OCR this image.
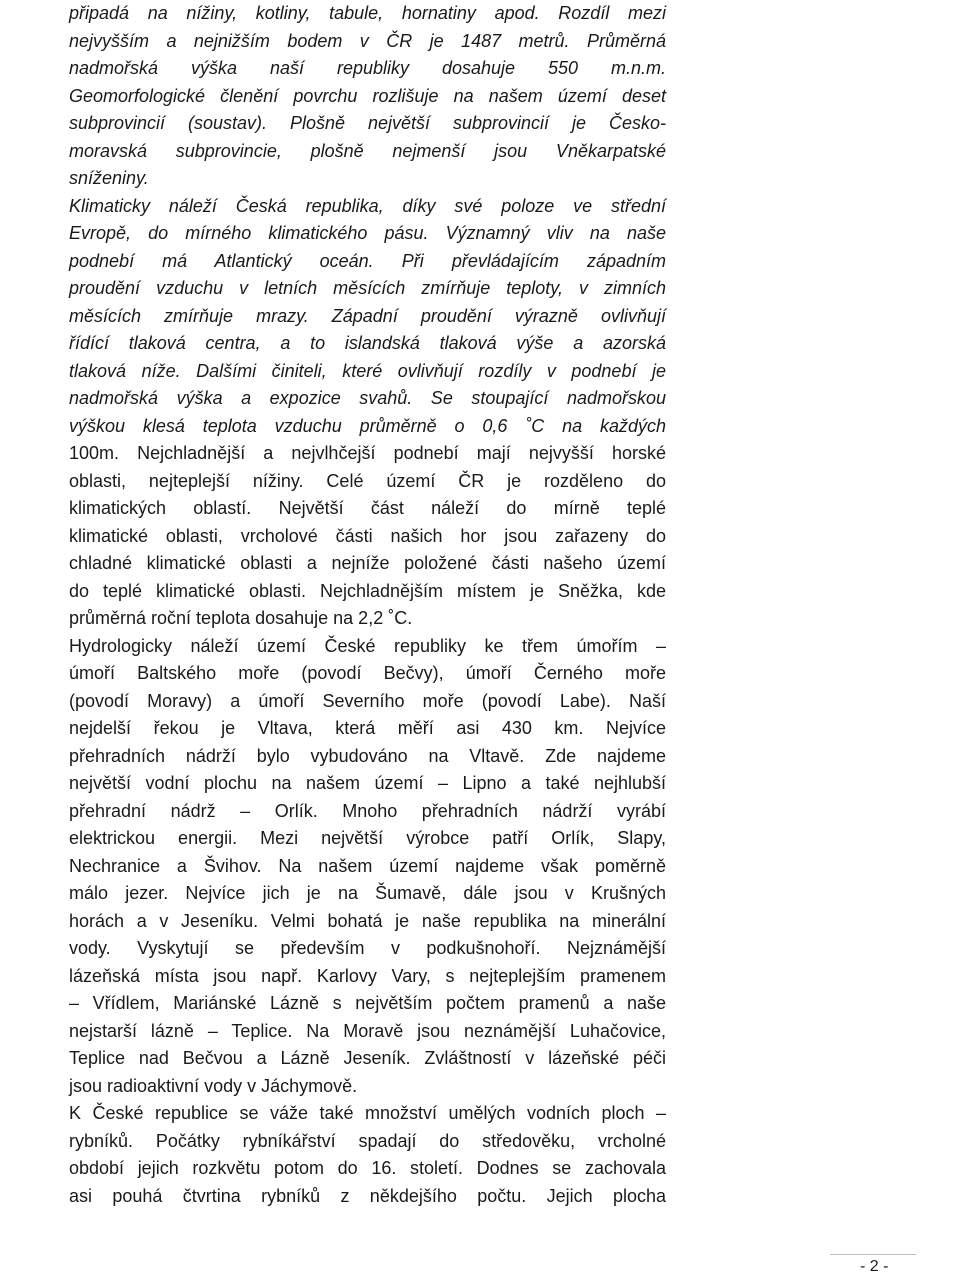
připadá na nížiny, kotliny, tabule, hornatiny apod. Rozdíl mezi
nejvyšším a nejnižším bodem v ČR je 1487 metrů. Průměrná
nadmořská výška naší republiky dosahuje 550 m.n.m.
Geomorfologické členění povrchu rozlišuje na našem území deset
subprovincií (soustav). Plošně největší subprovincií je Česko-
moravská subprovincie, plošně nejmenší jsou Vněkarpatské
sníženiny.
Klimaticky náleží Česká republika, díky své poloze ve střední
Evropě, do mírného klimatického pásu. Významný vliv na naše
podnebí má Atlantický oceán. Při převládajícím západním
proudění vzduchu v letních měsících zmírňuje teploty, v zimních
měsících zmírňuje mrazy. Západní proudění výrazně ovlivňují
řídící tlaková centra, a to islandská tlaková výše a azorská
tlaková níže. Dalšími činiteli, které ovlivňují rozdíly v podnebí je
nadmořská výška a expozice svahů. Se stoupající nadmořskou
výškou klesá teplota vzduchu průměrně o 0,6 ˚C na každých
100m. Nejchladnější a nejvlhčejší podnebí mají nejvyšší horské
oblasti, nejteplejší nížiny. Celé území ČR je rozděleno do
klimatických oblastí. Největší část náleží do mírně teplé
klimatické oblasti, vrcholové části našich hor jsou zařazeny do
chladné klimatické oblasti a nejníže položené části našeho území
do teplé klimatické oblasti. Nejchladnějším místem je Sněžka, kde
průměrná roční teplota dosahuje na 2,2 ˚C.
Hydrologicky náleží území České republiky ke třem úmořím –
úmoří Baltského moře (povodí Bečvy), úmoří Černého moře
(povodí Moravy) a úmoří Severního moře (povodí Labe). Naší
nejdelší řekou je Vltava, která měří asi 430 km. Nejvíce
přehradních nádrží bylo vybudováno na Vltavě. Zde najdeme
největší vodní plochu na našem území – Lipno a také nejhlubší
přehradní nádrž – Orlík. Mnoho přehradních nádrží vyrábí
elektrickou energii. Mezi největší výrobce patří Orlík, Slapy,
Nechranice a Švihov. Na našem území najdeme však poměrně
málo jezer. Nejvíce jich je na Šumavě, dále jsou v Krušných
horách a v Jeseníku. Velmi bohatá je naše republika na minerální
vody. Vyskytují se především v podkušnohoří. Nejznámější
lázeňská místa jsou např. Karlovy Vary, s nejteplejším pramenem
– Vřídlem, Mariánské Lázně s největším počtem pramenů a naše
nejstarší lázně – Teplice. Na Moravě jsou neznámější Luhačovice,
Teplice nad Bečvou a Lázně Jeseník. Zvláštností v lázeňské péči
jsou radioaktivní vody v Jáchymově.
K České republice se váže také množství umělých vodních ploch –
rybníků. Počátky rybníkářství spadají do středověku, vrcholné
období jejich rozkvětu potom do 16. století. Dodnes se zachovala
asi pouhá čtvrtina rybníků z někdejšího počtu. Jejich plocha
- 2 -
